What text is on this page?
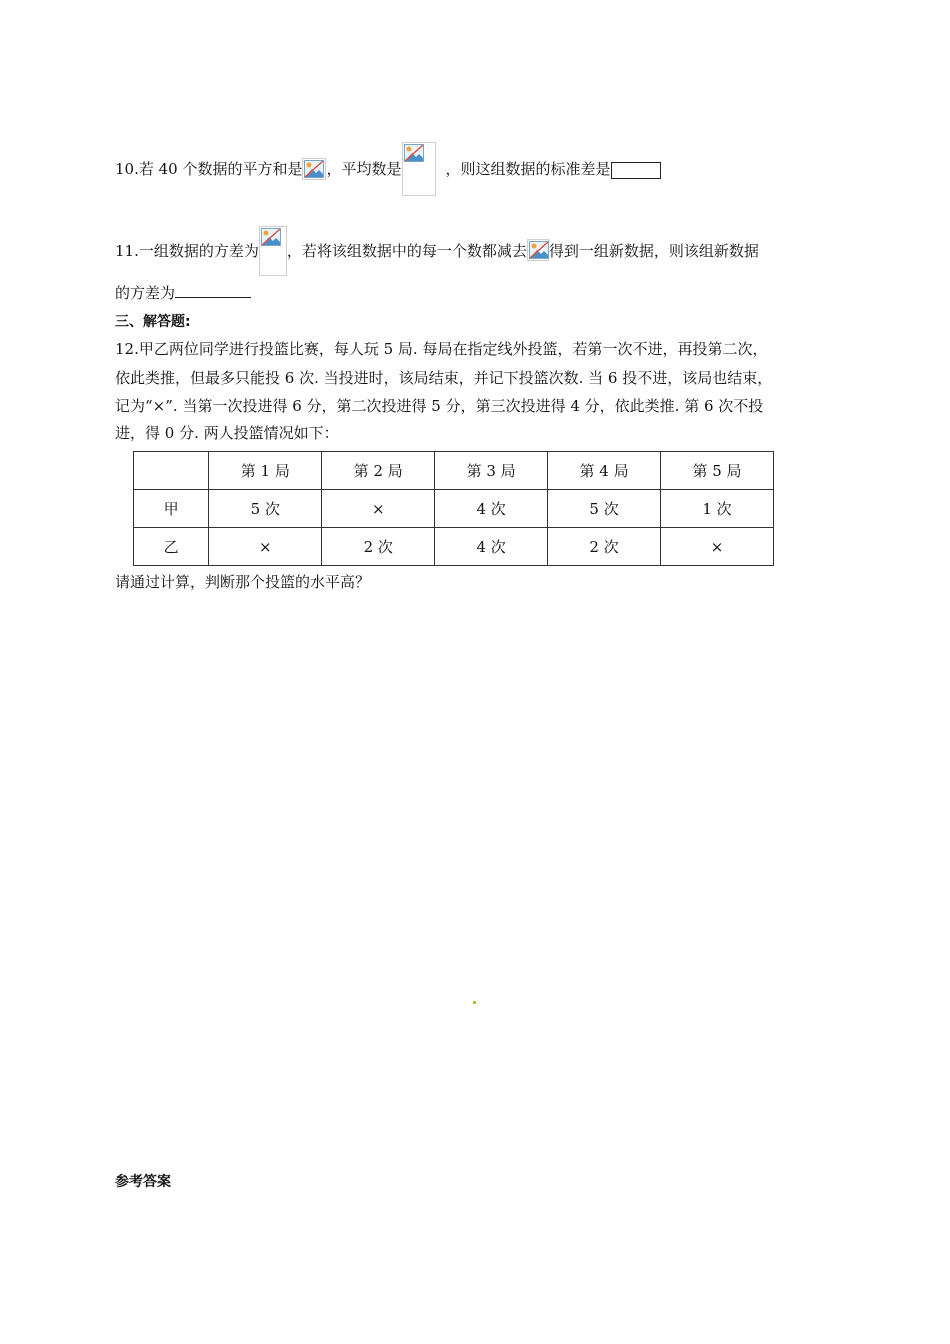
10.若 40 个数据的平方和是 ，平均数是	，则这组数据的标准差是
11.一组数据的方差为 ，若将该组数据中的每一个数都减去 得到一组新数据，则该组新数据
的方差为
三、解答题:
12.甲乙两位同学进行投篮比赛，每人玩 5 局. 每局在指定线外投篮，若第一次不进，再投第二次，
依此类推，但最多只能投 6 次. 当投进时，该局结束，并记下投篮次数. 当 6 投不进，该局也结束，
记为“×”. 当第一次投进得 6 分，第二次投进得 5 分，第三次投进得 4 分，依此类推. 第 6 次不投
进，得 0 分. 两人投篮情况如下：
	第 1 局	第 2 局	第 3 局	第 4 局	第 5 局
甲	5 次	×	4 次	5 次	1 次
乙	×	2 次	4 次	2 次	×
请通过计算，判断那个投篮的水平高？
参考答案
